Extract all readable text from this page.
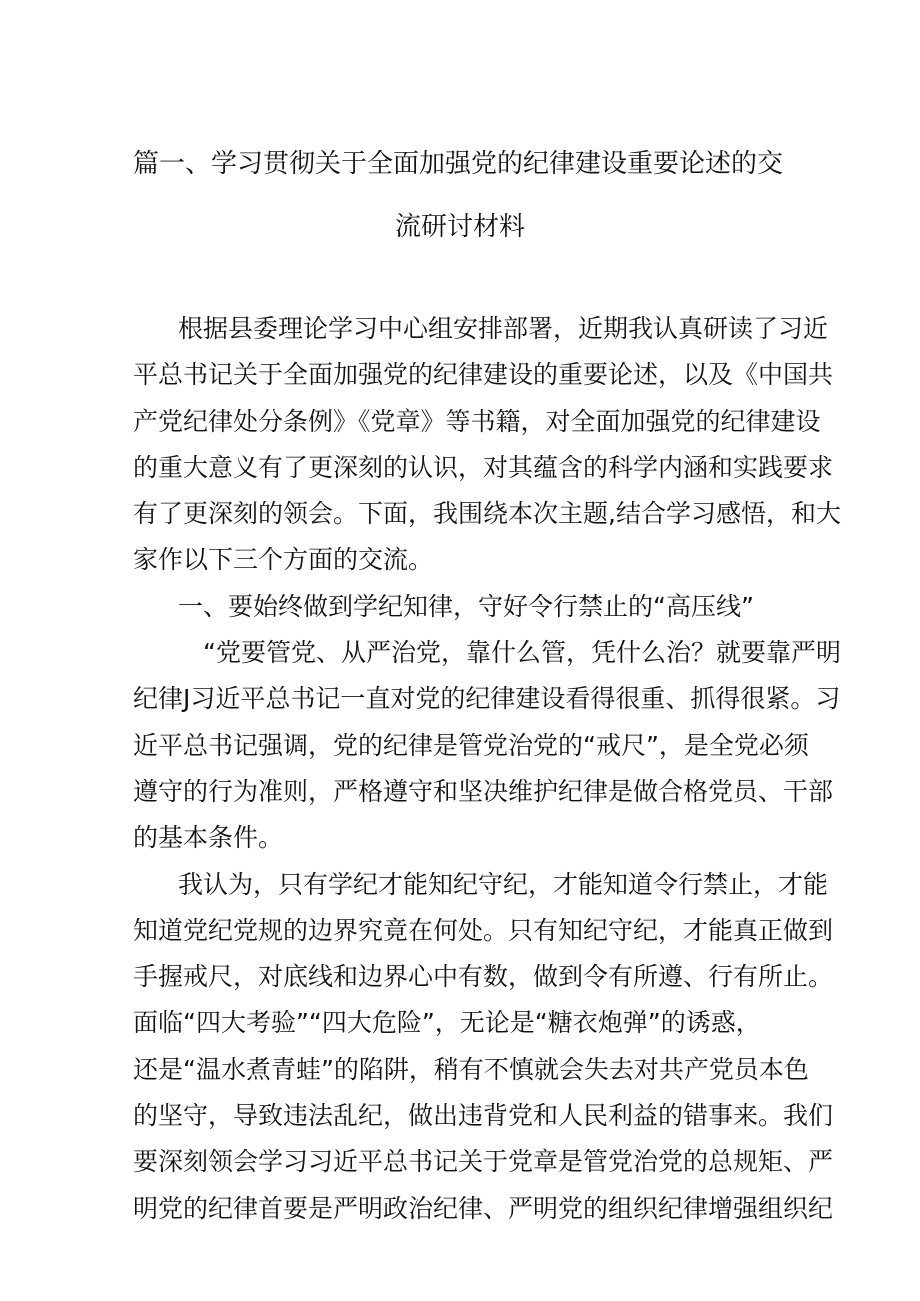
篇一、学习贯彻关于全面加强党的纪律建设重要论述的交
流研讨材料
根据县委理论学习中心组安排部署，近期我认真研读了习近
平总书记关于全面加强党的纪律建设的重要论述，以及《中国共
产党纪律处分条例》《党章》等书籍，对全面加强党的纪律建设
的重大意义有了更深刻的认识，对其蕴含的科学内涵和实践要求
有了更深刻的领会。下面，我围绕本次主题,结合学习感悟，和大
家作以下三个方面的交流。
一、要始终做到学纪知律，守好令行禁止的“高压线”
“党要管党、从严治党，靠什么管，凭什么治？就要靠严明
纪律J习近平总书记一直对党的纪律建设看得很重、抓得很紧。习
近平总书记强调，党的纪律是管党治党的“戒尺”，是全党必须
遵守的行为准则，严格遵守和坚决维护纪律是做合格党员、干部
的基本条件。
我认为，只有学纪才能知纪守纪，才能知道令行禁止，才能
知道党纪党规的边界究竟在何处。只有知纪守纪，才能真正做到
手握戒尺，对底线和边界心中有数，做到令有所遵、行有所止。
面临“四大考验”“四大危险”，无论是“糖衣炮弹”的诱惑，
还是“温水煮青蛙”的陷阱，稍有不慎就会失去对共产党员本色
的坚守，导致违法乱纪，做出违背党和人民利益的错事来。我们
要深刻领会学习习近平总书记关于党章是管党治党的总规矩、严
明党的纪律首要是严明政治纪律、严明党的组织纪律增强组织纪
